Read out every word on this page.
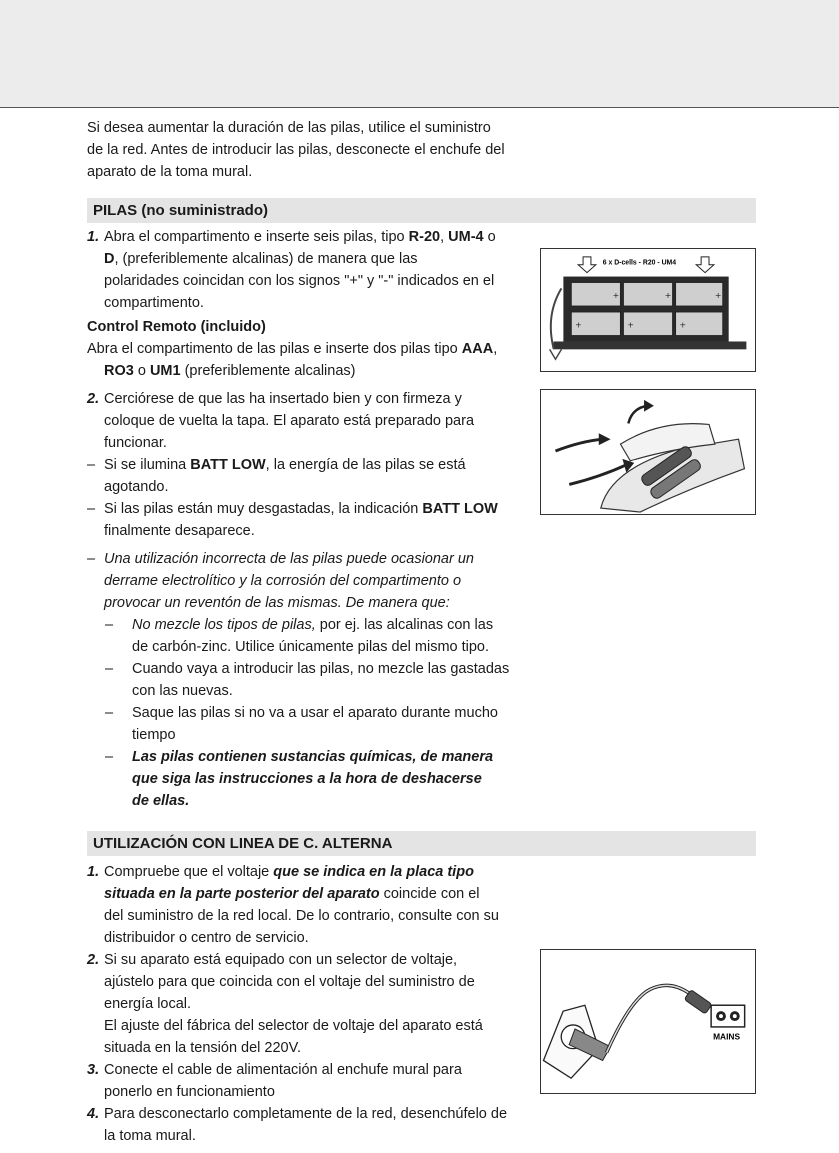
Si desea aumentar la duración de las pilas, utilice el suministro
de la red. Antes de introducir las pilas, desconecte el enchufe del
aparato de la toma mural.
PILAS (no suministrado)
1. Abra el compartimento e inserte seis pilas, tipo R-20, UM-4 o
D, (preferiblemente alcalinas) de manera que las
polaridades coincidan con los signos "+" y "-" indicados en el
compartimento.
Control Remoto (incluido)
Abra el compartimento de las pilas e inserte dos pilas tipo AAA,
RO3 o UM1 (preferiblemente alcalinas)
2. Cerciórese de que las ha insertado bien y con firmeza y
coloque de vuelta la tapa. El aparato está preparado para
funcionar.
– Si se ilumina BATT LOW, la energía de las pilas se está
agotando.
– Si las pilas están muy desgastadas, la indicación BATT LOW
finalmente desaparece.
– Una utilización incorrecta de las pilas puede ocasionar un
derrame electrolítico y la corrosión del compartimento o
provocar un reventón de las mismas. De manera que:
– No mezcle los tipos de pilas, por ej. las alcalinas con las
de carbón-zinc. Utilice únicamente pilas del mismo tipo.
– Cuando vaya a introducir las pilas, no mezcle las gastadas
con las nuevas.
– Saque las pilas si no va a usar el aparato durante mucho
tiempo
– Las pilas contienen sustancias químicas, de manera
que siga las instrucciones a la hora de deshacerse
de ellas.
+	+	+
+	+	+
6 x D-cells - R20 - UM4
UTILIZACIÓN CON LINEA DE C. ALTERNA
1. Compruebe que el voltaje que se indica en la placa tipo
situada en la parte posterior del aparato coincide con el
del suministro de la red local. De lo contrario, consulte con su
distribuidor o centro de servicio.
2. Si su aparato está equipado con un selector de voltaje,
ajústelo para que coincida con el voltaje del suministro de
energía local.
El ajuste del fábrica del selector de voltaje del aparato está
situada en la tensión del 220V.
3. Conecte el cable de alimentación al enchufe mural para
ponerlo en funcionamiento
4. Para desconectarlo completamente de la red, desenchúfelo de
la toma mural.
MAINS
